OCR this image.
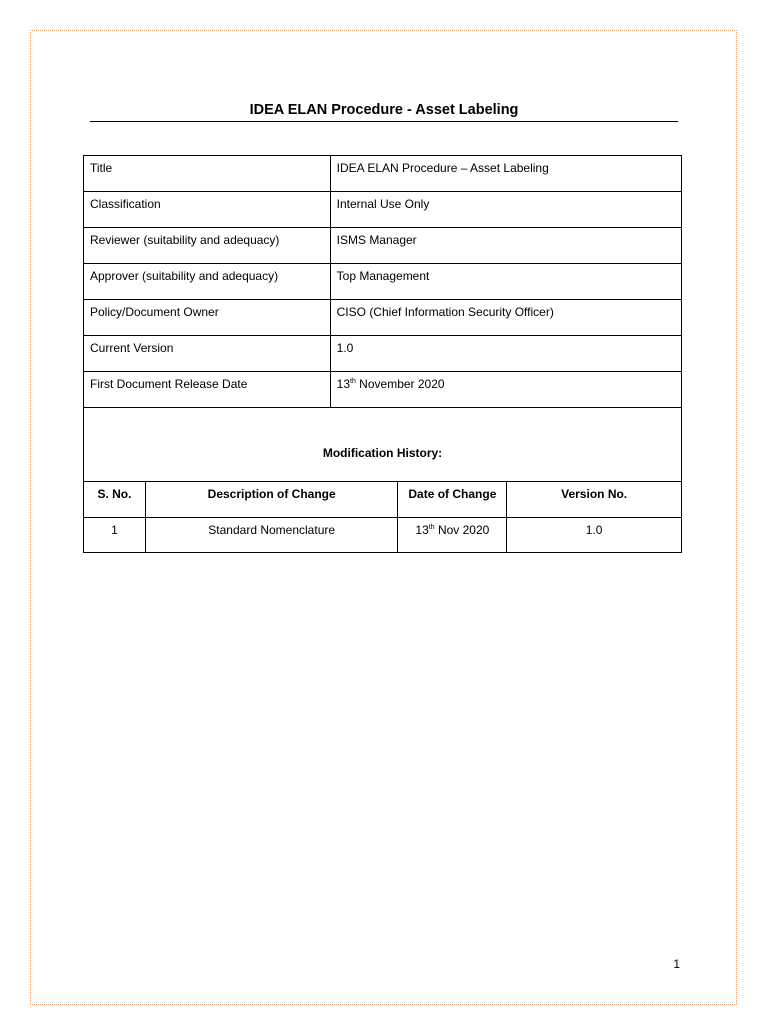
IDEA ELAN Procedure - Asset Labeling
Title	IDEA ELAN Procedure – Asset Labeling
Classification	Internal Use Only
Reviewer (suitability and adequacy)	ISMS Manager
Approver (suitability and adequacy)	Top Management
Policy/Document Owner	CISO (Chief Information Security Officer)
Current Version	1.0
First Document Release Date	13th November 2020
Modification History:			
S. No.	Description of Change	Date of Change	Version No.
1	Standard Nomenclature	13th Nov 2020	1.0
1
